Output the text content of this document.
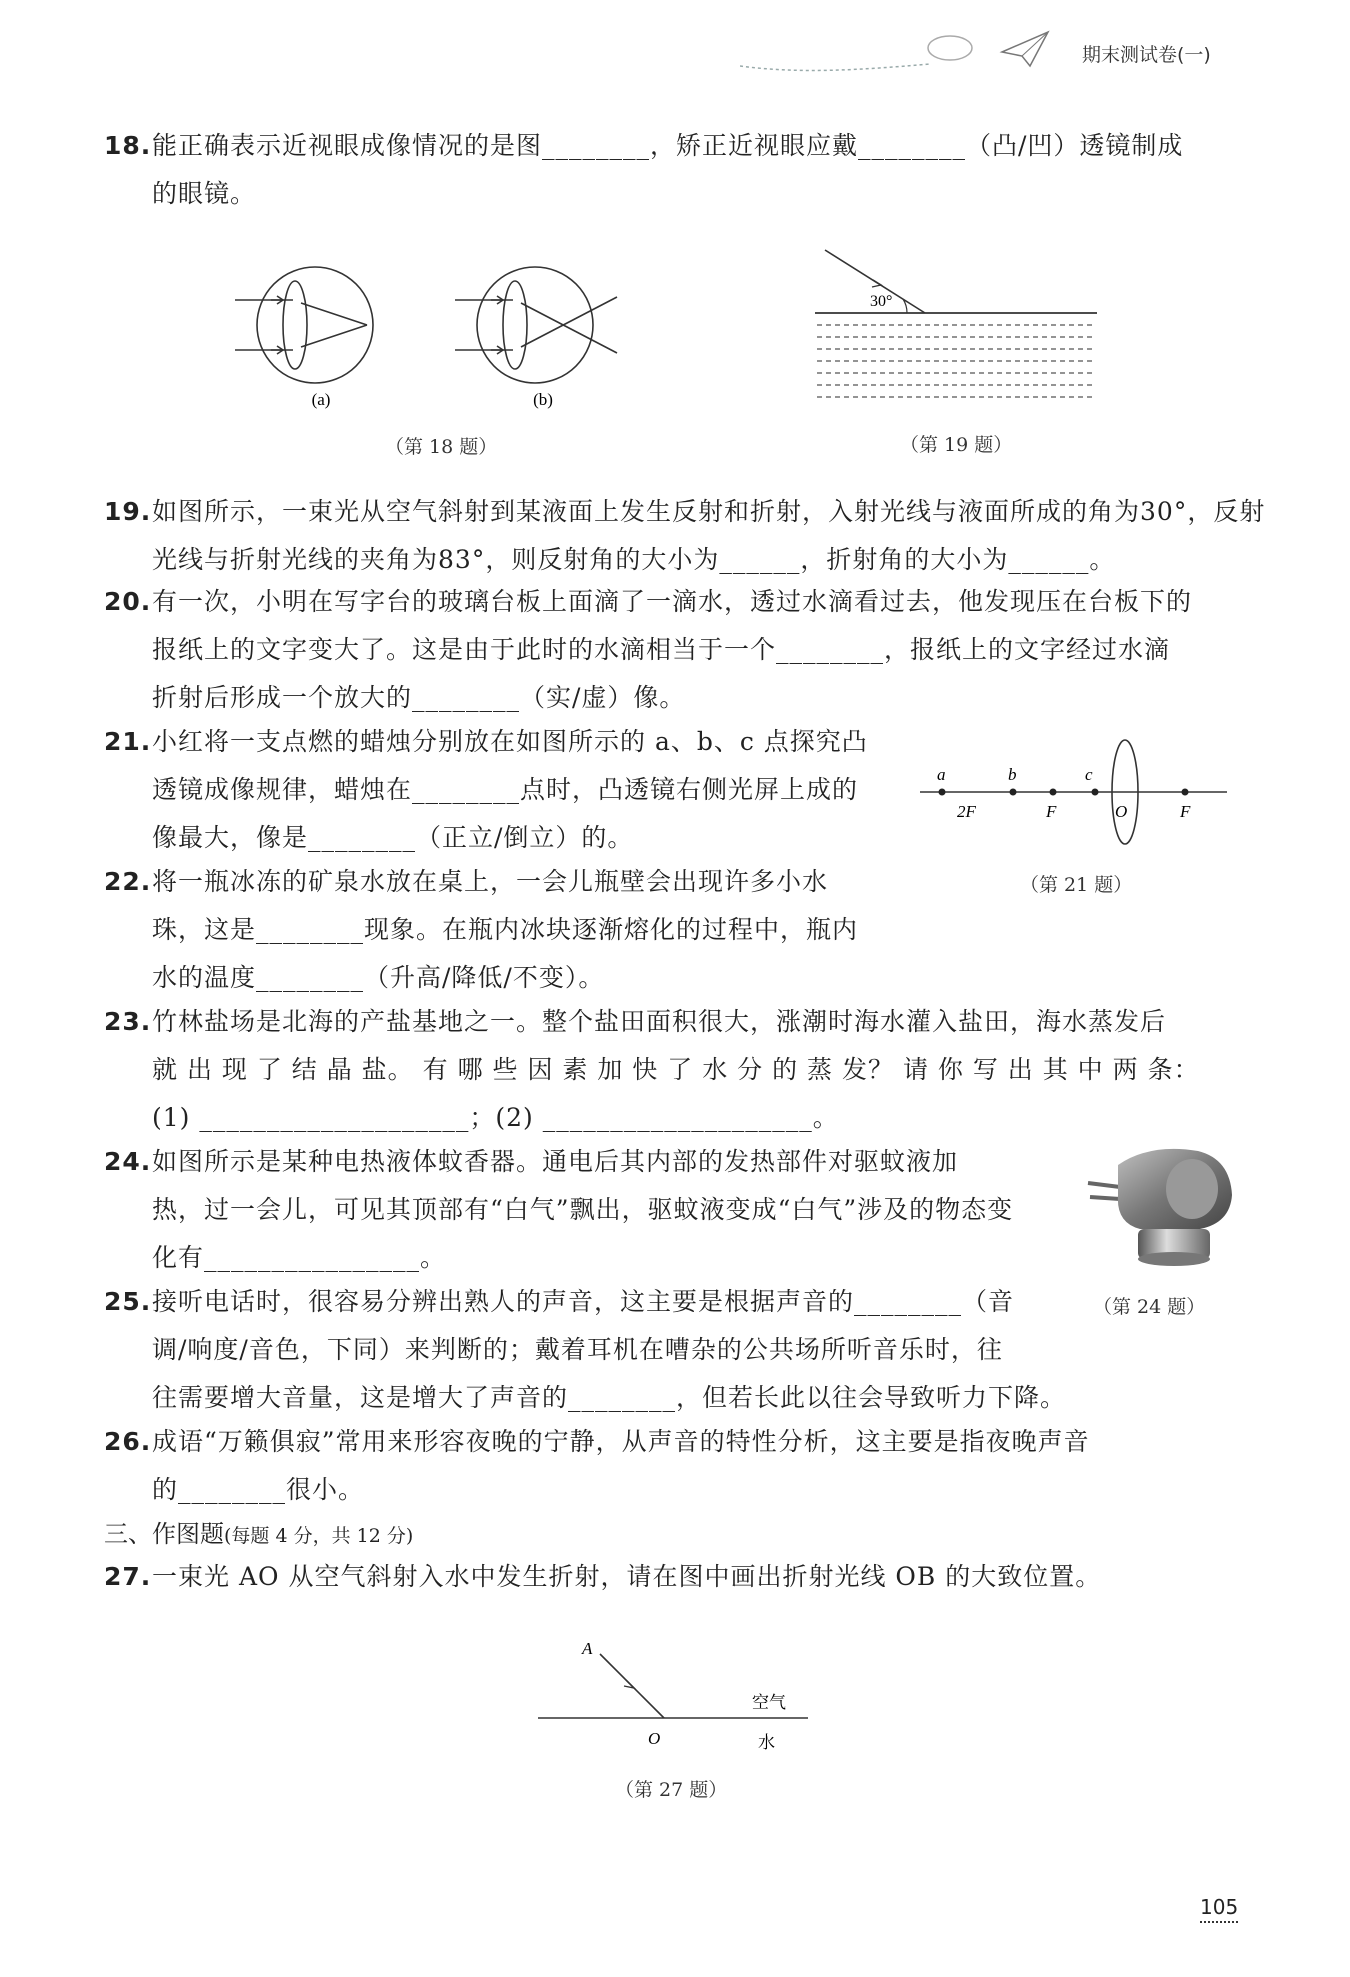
期末测试卷(一)
18.能正确表示近视眼成像情况的是图________，矫正近视眼应戴________（凸/凹）透镜制成
的眼镜。
(a)	(b)
（第 18 题）
30°
（第 19 题）
19.如图所示，一束光从空气斜射到某液面上发生反射和折射，入射光线与液面所成的角为30°，反射
光线与折射光线的夹角为83°，则反射角的大小为______，折射角的大小为______。
20.有一次，小明在写字台的玻璃台板上面滴了一滴水，透过水滴看过去，他发现压在台板下的
报纸上的文字变大了。这是由于此时的水滴相当于一个________，报纸上的文字经过水滴
折射后形成一个放大的________（实/虚）像。
21.小红将一支点燃的蜡烛分别放在如图所示的 a、b、c 点探究凸
透镜成像规律，蜡烛在________点时，凸透镜右侧光屏上成的
像最大，像是________（正立/倒立）的。
a	b	c
2F	F	O	F
（第 21 题）
22.将一瓶冰冻的矿泉水放在桌上，一会儿瓶壁会出现许多小水
珠，这是________现象。在瓶内冰块逐渐熔化的过程中，瓶内
水的温度________（升高/降低/不变）。
23.竹林盐场是北海的产盐基地之一。整个盐田面积很大，涨潮时海水灌入盐田，海水蒸发后
就 出 现 了 结 晶 盐。 有 哪 些 因 素 加 快 了 水 分 的 蒸 发？ 请 你 写 出 其 中 两 条：
(1) ____________________；(2) ____________________。
24.如图所示是某种电热液体蚊香器。通电后其内部的发热部件对驱蚊液加
热，过一会儿，可见其顶部有“白气”飘出，驱蚊液变成“白气”涉及的物态变
化有________________。
（第 24 题）
25.接听电话时，很容易分辨出熟人的声音，这主要是根据声音的________（音
调/响度/音色，下同）来判断的；戴着耳机在嘈杂的公共场所听音乐时，往
往需要增大音量，这是增大了声音的________，但若长此以往会导致听力下降。
26.成语“万籁俱寂”常用来形容夜晚的宁静，从声音的特性分析，这主要是指夜晚声音
的________很小。
三、作图题(每题 4 分，共 12 分)
27.一束光 AO 从空气斜射入水中发生折射，请在图中画出折射光线 OB 的大致位置。
A
O
空气
水
（第 27 题）
105
